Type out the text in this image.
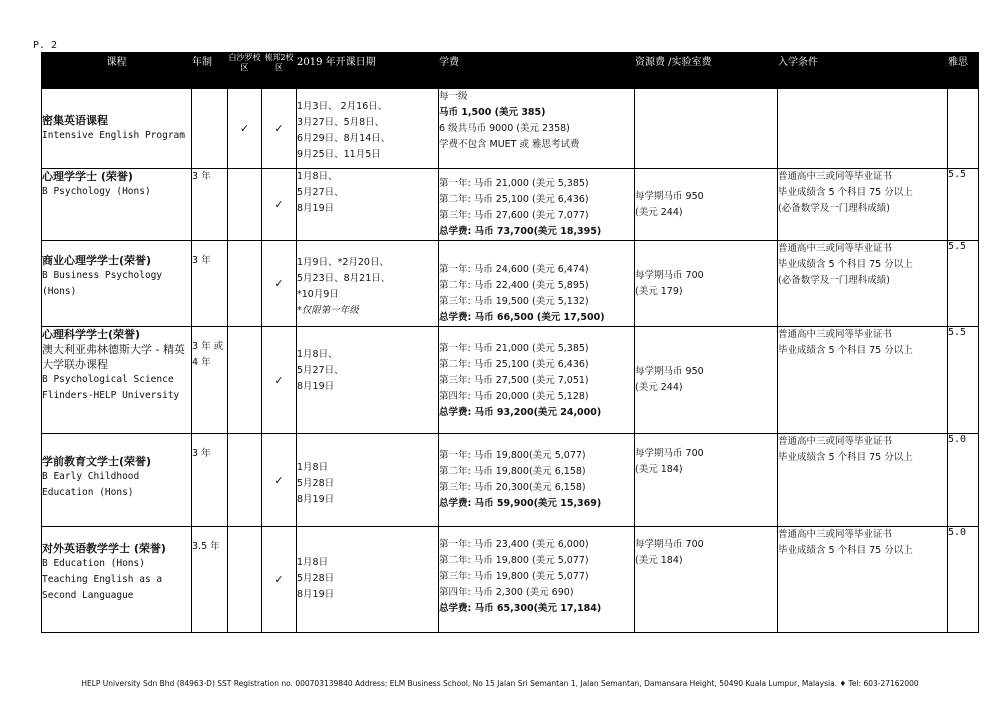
P. 2
课程	年制	白沙罗校区	梳邦2校区	2019 年开课日期	学费	资源费 /实验室费	入学条件	雅思

密集英语课程
Intensive English Program		✓	✓	1月3日、 2月16日、
3月27日、5月8日、
6月29日、8月14日、
9月25日、11月5日	每一级
马币 1,500 (美元 385)
6 级共马币 9000 (美元 2358)
学费不包含 MUET 或 雅思考试费			

心理学学士 (荣誉)
B Psychology (Hons)	3 年		✓	1月8日、
5月27日、
8月19日	第一年: 马币 21,000 (美元 5,385)
第二年: 马币 25,100 (美元 6,436)
第三年: 马币 27,600 (美元 7,077)
总学费: 马币 73,700(美元 18,395)	每学期马币 950
(美元 244)	普通高中三或同等毕业证书
毕业成绩含 5 个科目 75 分以上
(必备数学及一门理科成绩)	5.5

商业心理学学士(荣誉)
B Business Psychology (Hons)	3 年		✓	1月9日、*2月20日、
5月23日、8月21日、
*10月9日
*仅限第一年级	第一年: 马币 24,600 (美元 6,474)
第二年: 马币 22,400 (美元 5,895)
第三年: 马币 19,500 (美元 5,132)
总学费: 马币 66,500 (美元 17,500)	每学期马币 700
(美元 179)	普通高中三或同等毕业证书
毕业成绩含 5 个科目 75 分以上
(必备数学及一门理科成绩)	5.5

心理科学学士(荣誉)
澳大利亚弗林德斯大学 - 精英大学联办课程
B Psychological Science Flinders-HELP University	3 年 或 4 年		✓	1月8日、
5月27日、
8月19日	第一年: 马币 21,000 (美元 5,385)
第二年: 马币 25,100 (美元 6,436)
第三年: 马币 27,500 (美元 7,051)
第四年: 马币 20,000 (美元 5,128)
总学费: 马币 93,200(美元 24,000)	每学期马币 950
(美元 244)	普通高中三或同等毕业证书
毕业成绩含 5 个科目 75 分以上	5.5

学前教育文学士(荣誉)
B Early Childhood Education (Hons)	3 年		✓	1月8日
5月28日
8月19日	第一年: 马币 19,800(美元 5,077)
第二年: 马币 19,800(美元 6,158)
第三年: 马币 20,300(美元 6,158)
总学费: 马币 59,900(美元 15,369)	每学期马币 700
(美元 184)	普通高中三或同等毕业证书
毕业成绩含 5 个科目 75 分以上	5.0

对外英语教学学士 (荣誉)
B Education (Hons) Teaching English as a Second Languague	3.5 年		✓	1月8日
5月28日
8月19日	第一年: 马币 23,400 (美元 6,000)
第二年: 马币 19,800 (美元 5,077)
第三年: 马币 19,800 (美元 5,077)
第四年: 马币 2,300 (美元 690)
总学费: 马币 65,300(美元 17,184)	每学期马币 700
(美元 184)	普通高中三或同等毕业证书
毕业成绩含 5 个科目 75 分以上	5.0
HELP University Sdn Bhd (84963-D) SST Registration no. 000703139840 Address: ELM Business School, No 15 Jalan Sri Semantan 1, Jalan Semantan, Damansara Height, 50490 Kuala Lumpur, Malaysia. ♦ Tel: 603-27162000
